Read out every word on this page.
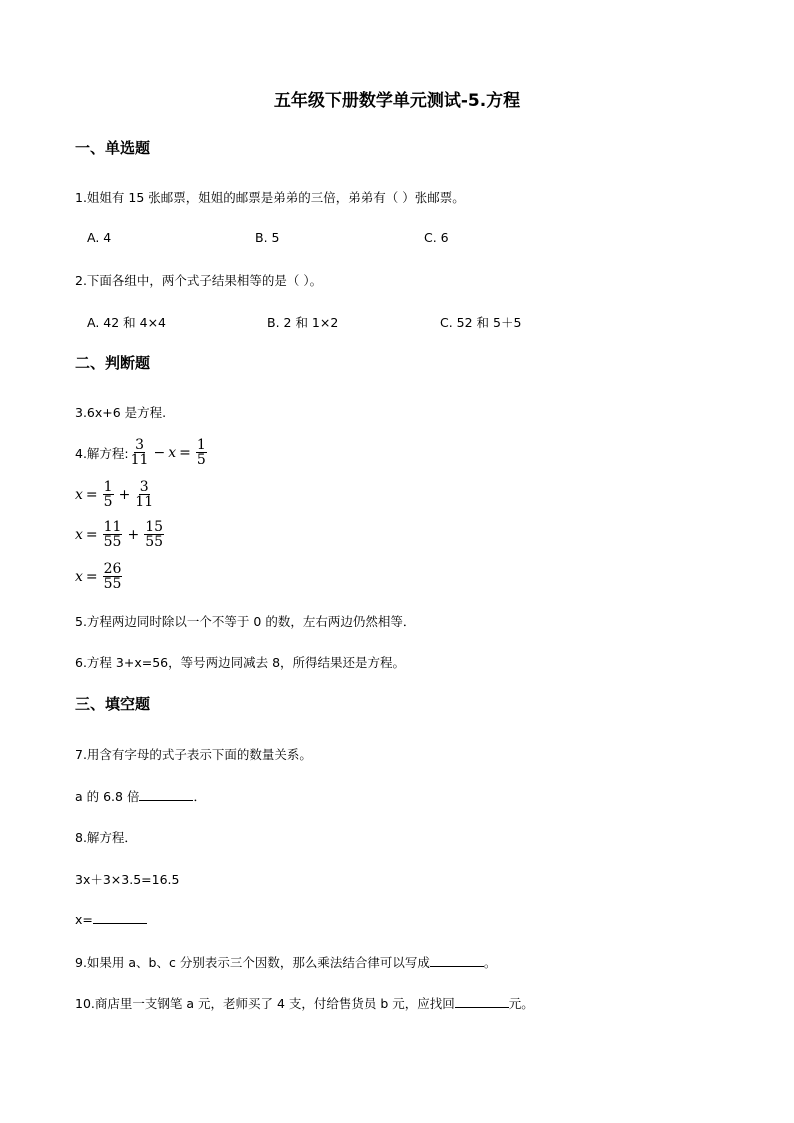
五年级下册数学单元测试-5.方程
一、单选题
1.姐姐有 15 张邮票，姐姐的邮票是弟弟的三倍，弟弟有（ ）张邮票。
A. 4	B. 5	C. 6
2.下面各组中，两个式子结果相等的是（ ）。
A. 42 和 4×4	B. 2 和 1×2	C. 52 和 5＋5
二、判断题
3.6x+6 是方程.
4.解方程: $\frac{3}{11} - x = \frac{1}{5}$
$x = \frac{1}{5} + \frac{3}{11}$
$x = \frac{11}{55} + \frac{15}{55}$
$x = \frac{26}{55}$
5.方程两边同时除以一个不等于 0 的数，左右两边仍然相等．
6.方程 3+x=56，等号两边同减去 8，所得结果还是方程。
三、填空题
7.用含有字母的式子表示下面的数量关系。
a 的 6.8 倍	．
8.解方程．
3x＋3×3.5=16.5
x=
9.如果用 a、b、c 分别表示三个因数，那么乘法结合律可以写成	。
10.商店里一支钢笔 a 元，老师买了 4 支，付给售货员 b 元，应找回	元。
